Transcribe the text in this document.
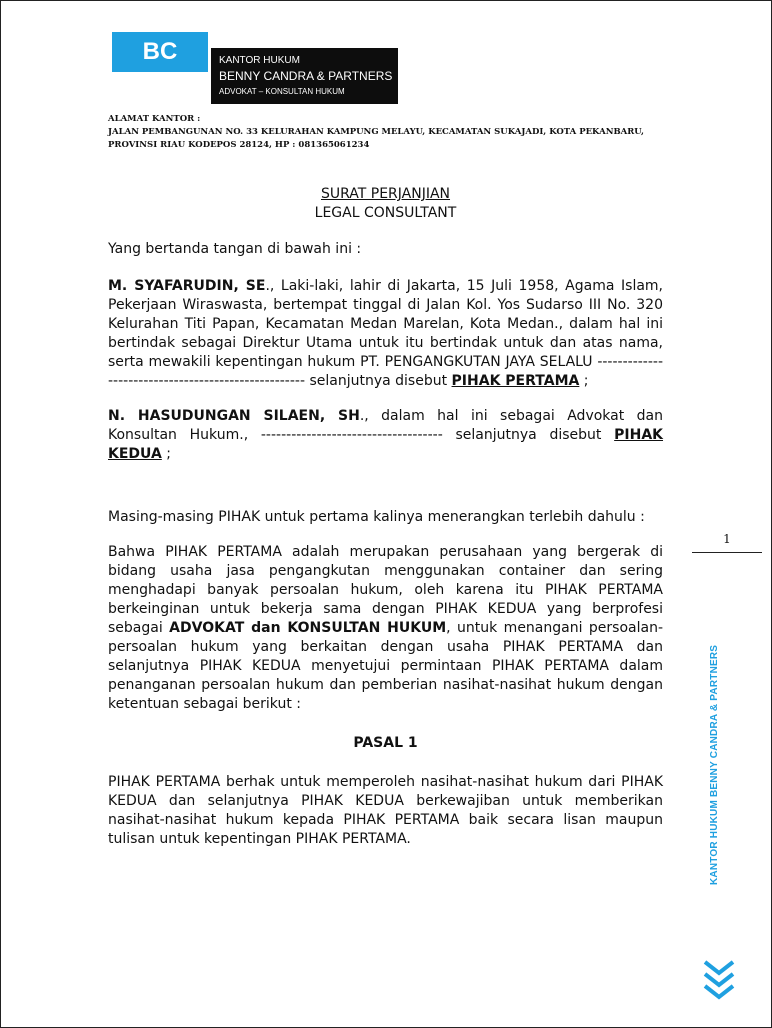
BC	KANTOR HUKUM
BENNY CANDRA & PARTNERS
ADVOKAT – KONSULTAN HUKUM
ALAMAT KANTOR :
JALAN PEMBANGUNAN NO. 33 KELURAHAN KAMPUNG MELAYU, KECAMATAN SUKAJADI, KOTA PEKANBARU,
PROVINSI RIAU KODEPOS 28124, HP : 081365061234
SURAT PERJANJIAN
LEGAL CONSULTANT

Yang bertanda tangan di bawah ini :

M. SYAFARUDIN, SE., Laki-laki, lahir di Jakarta, 15 Juli 1958, Agama Islam, Pekerjaan Wiraswasta, bertempat tinggal di Jalan Kol. Yos Sudarso III No. 320 Kelurahan Titi Papan, Kecamatan Medan Marelan, Kota Medan., dalam hal ini bertindak sebagai Direktur Utama untuk itu bertindak untuk dan atas nama, serta mewakili kepentingan hukum PT. PENGANGKUTAN JAYA SELALU ---------------------------------------------------- selanjutnya disebut PIHAK PERTAMA ;

N. HASUDUNGAN SILAEN, SH., dalam hal ini sebagai Advokat dan Konsultan Hukum., ------------------------------------ selanjutnya disebut PIHAK KEDUA ;

Masing-masing PIHAK untuk pertama kalinya menerangkan terlebih dahulu :

Bahwa PIHAK PERTAMA adalah merupakan perusahaan yang bergerak di bidang usaha jasa pengangkutan menggunakan container dan sering menghadapi banyak persoalan hukum, oleh karena itu PIHAK PERTAMA berkeinginan untuk bekerja sama dengan PIHAK KEDUA yang berprofesi sebagai ADVOKAT dan KONSULTAN HUKUM, untuk menangani persoalan-persoalan hukum yang berkaitan dengan usaha PIHAK PERTAMA dan selanjutnya PIHAK KEDUA menyetujui permintaan PIHAK PERTAMA dalam penanganan persoalan hukum dan pemberian nasihat-nasihat hukum dengan ketentuan sebagai berikut :

PASAL 1

PIHAK PERTAMA berhak untuk memperoleh nasihat-nasihat hukum dari PIHAK KEDUA dan selanjutnya PIHAK KEDUA berkewajiban untuk memberikan nasihat-nasihat hukum kepada PIHAK PERTAMA baik secara lisan maupun tulisan untuk kepentingan PIHAK PERTAMA.

1
KANTOR HUKUM BENNY CANDRA & PARTNERS
